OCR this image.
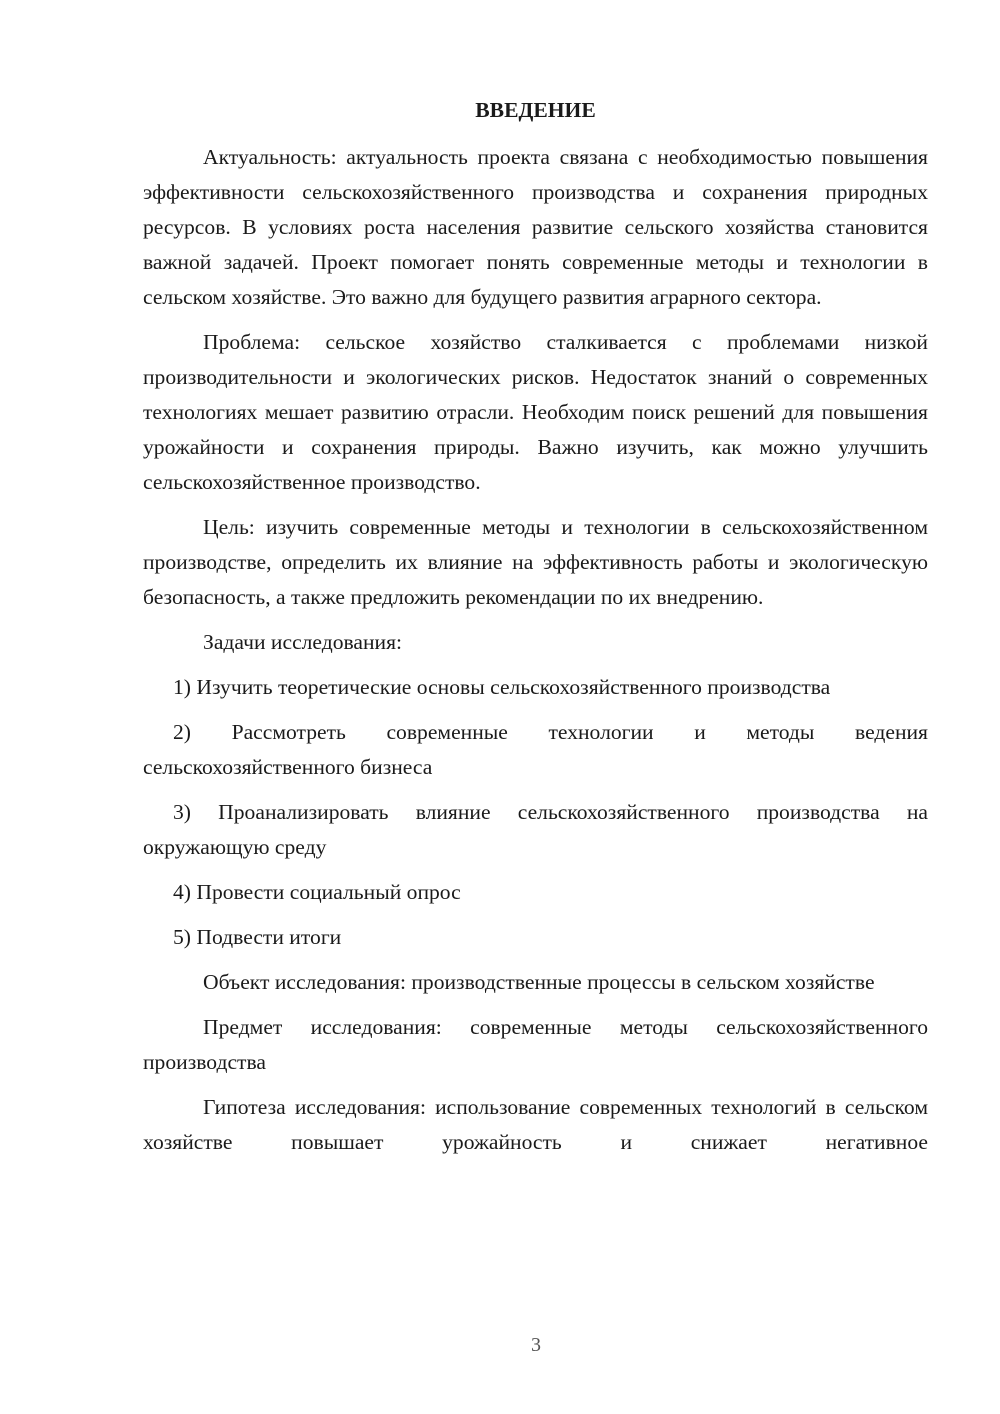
ВВЕДЕНИЕ

Актуальность: актуальность проекта связана с необходимостью повышения эффективности сельскохозяйственного производства и сохранения природных ресурсов. В условиях роста населения развитие сельского хозяйства становится важной задачей. Проект помогает понять современные методы и технологии в сельском хозяйстве. Это важно для будущего развития аграрного сектора.

Проблема: сельское хозяйство сталкивается с проблемами низкой производительности и экологических рисков. Недостаток знаний о современных технологиях мешает развитию отрасли. Необходим поиск решений для повышения урожайности и сохранения природы. Важно изучить, как можно улучшить сельскохозяйственное производство.

Цель: изучить современные методы и технологии в сельскохозяйственном производстве, определить их влияние на эффективность работы и экологическую безопасность, а также предложить рекомендации по их внедрению.

Задачи исследования:

1) Изучить теоретические основы сельскохозяйственного производства

2) Рассмотреть современные технологии и методы ведения сельскохозяйственного бизнеса

3) Проанализировать влияние сельскохозяйственного производства на окружающую среду

4) Провести социальный опрос

5) Подвести итоги

Объект исследования: производственные процессы в сельском хозяйстве

Предмет исследования: современные методы сельскохозяйственного производства

Гипотеза исследования: использование современных технологий в сельском хозяйстве повышает урожайность и снижает негативное

3
